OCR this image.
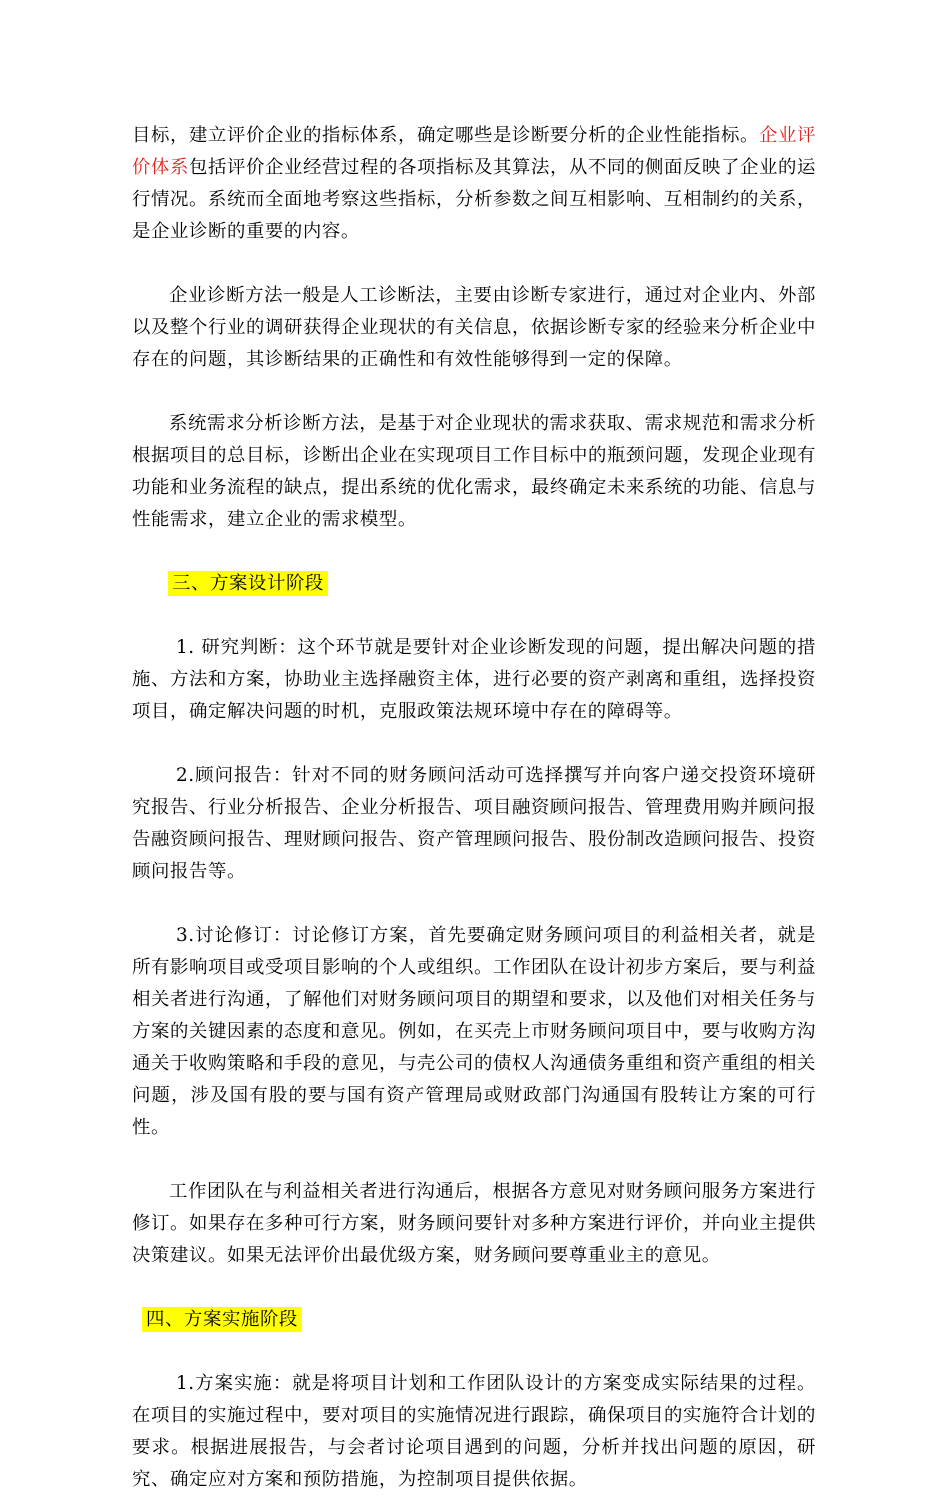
目标，建立评价企业的指标体系，确定哪些是诊断要分析的企业性能指标。企业评价体系包括评价企业经营过程的各项指标及其算法，从不同的侧面反映了企业的运行情况。系统而全面地考察这些指标，分析参数之间互相影响、互相制约的关系，是企业诊断的重要的内容。

企业诊断方法一般是人工诊断法，主要由诊断专家进行，通过对企业内、外部以及整个行业的调研获得企业现状的有关信息，依据诊断专家的经验来分析企业中存在的问题，其诊断结果的正确性和有效性能够得到一定的保障。

系统需求分析诊断方法，是基于对企业现状的需求获取、需求规范和需求分析根据项目的总目标，诊断出企业在实现项目工作目标中的瓶颈问题，发现企业现有功能和业务流程的缺点，提出系统的优化需求，最终确定未来系统的功能、信息与性能需求，建立企业的需求模型。

三、方案设计阶段

1. 研究判断：这个环节就是要针对企业诊断发现的问题，提出解决问题的措施、方法和方案，协助业主选择融资主体，进行必要的资产剥离和重组，选择投资项目，确定解决问题的时机，克服政策法规环境中存在的障碍等。

2.顾问报告：针对不同的财务顾问活动可选择撰写并向客户递交投资环境研究报告、行业分析报告、企业分析报告、项目融资顾问报告、管理费用购并顾问报告融资顾问报告、理财顾问报告、资产管理顾问报告、股份制改造顾问报告、投资顾问报告等。

3.讨论修订：讨论修订方案，首先要确定财务顾问项目的利益相关者，就是所有影响项目或受项目影响的个人或组织。工作团队在设计初步方案后，要与利益相关者进行沟通，了解他们对财务顾问项目的期望和要求，以及他们对相关任务与方案的关键因素的态度和意见。例如，在买壳上市财务顾问项目中，要与收购方沟通关于收购策略和手段的意见，与壳公司的债权人沟通债务重组和资产重组的相关问题，涉及国有股的要与国有资产管理局或财政部门沟通国有股转让方案的可行性。

工作团队在与利益相关者进行沟通后，根据各方意见对财务顾问服务方案进行修订。如果存在多种可行方案，财务顾问要针对多种方案进行评价，并向业主提供决策建议。如果无法评价出最优级方案，财务顾问要尊重业主的意见。

四、方案实施阶段

1.方案实施：就是将项目计划和工作团队设计的方案变成实际结果的过程。在项目的实施过程中，要对项目的实施情况进行跟踪，确保项目的实施符合计划的要求。根据进展报告，与会者讨论项目遇到的问题，分析并找出问题的原因，研究、确定应对方案和预防措施，为控制项目提供依据。
